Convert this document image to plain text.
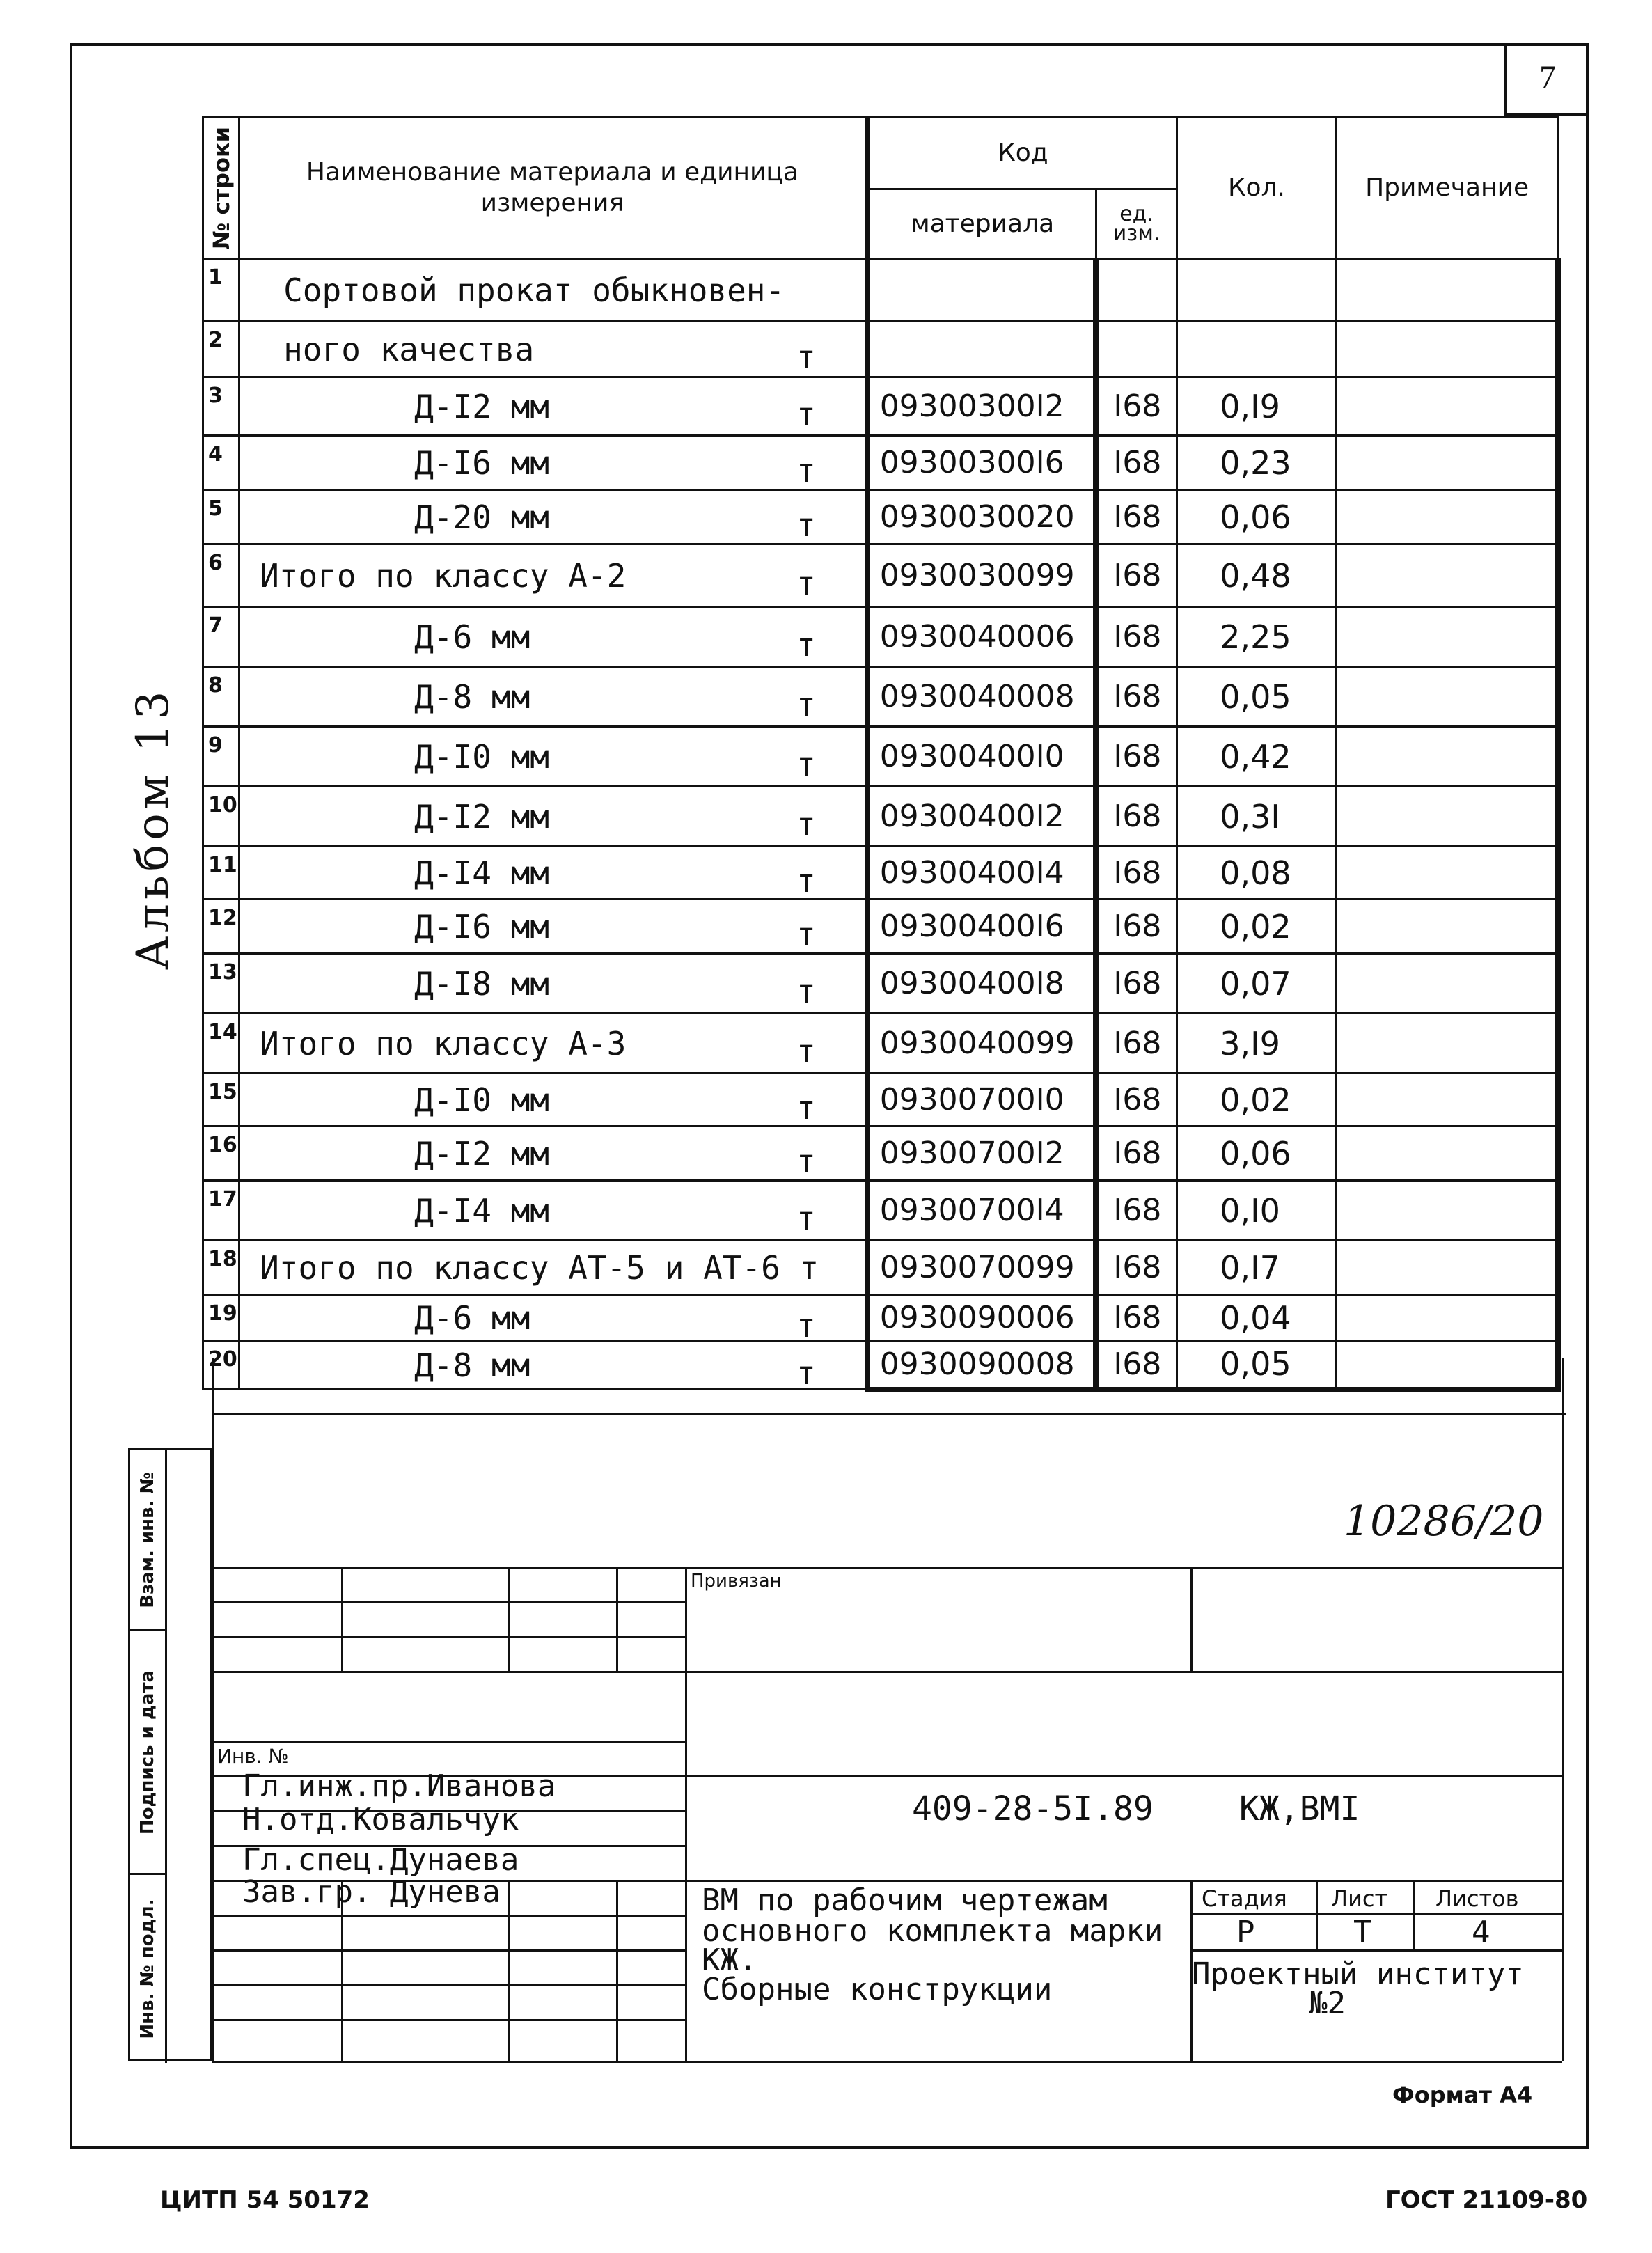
7
Альбом 13
№ строки	Наименование материала и единица измерения	Код		Кол.	Примечание
		материала	ед. изм.		
1	Сортовой прокат обыкновен-				

2	ного качества т				

3	Д-I2 мм т	09300300I2	I68	0,I9	
4	Д-I6 мм т	09300300I6	I68	0,23	
5	Д-20 мм т	0930030020	I68	0,06	
6	Итого по классу А-2 т	0930030099	I68	0,48	
7	Д-6 мм т	0930040006	I68	2,25	
8	Д-8 мм т	0930040008	I68	0,05	
9	Д-I0 мм т	09300400I0	I68	0,42	
10	Д-I2 мм т	09300400I2	I68	0,3I	
11	Д-I4 мм т	09300400I4	I68	0,08	
12	Д-I6 мм т	09300400I6	I68	0,02	
13	Д-I8 мм т	09300400I8	I68	0,07	
14	Итого по классу А-3 т	0930040099	I68	3,I9	
15	Д-I0 мм т	09300700I0	I68	0,02	
16	Д-I2 мм т	09300700I2	I68	0,06	
17	Д-I4 мм т	09300700I4	I68	0,I0	
18	Итого по классу АТ-5 и АТ-6 т	0930070099	I68	0,I7	
19	Д-6 мм т	0930090006	I68	0,04	
20	Д-8 мм т	0930090008	I68	0,05	
Взам. инв. №
Подпись и дата
Инв. № подл.
10286/20
Привязан
Инв. №
Гл.инж.пр.Иванова
Н.отд.Ковальчук
Гл.спец.Дунаева
Зав.гр. Дунева
409-28-5I.89	КЖ,ВМI
ВМ по рабочим чертежам
основного комплекта марки
КЖ.
Сборные конструкции
Стадия Лист Листов
Р	Т	4
Проектный институт
№2
Формат А4
ЦИТП 54 50172	ГОСТ 21109-80
